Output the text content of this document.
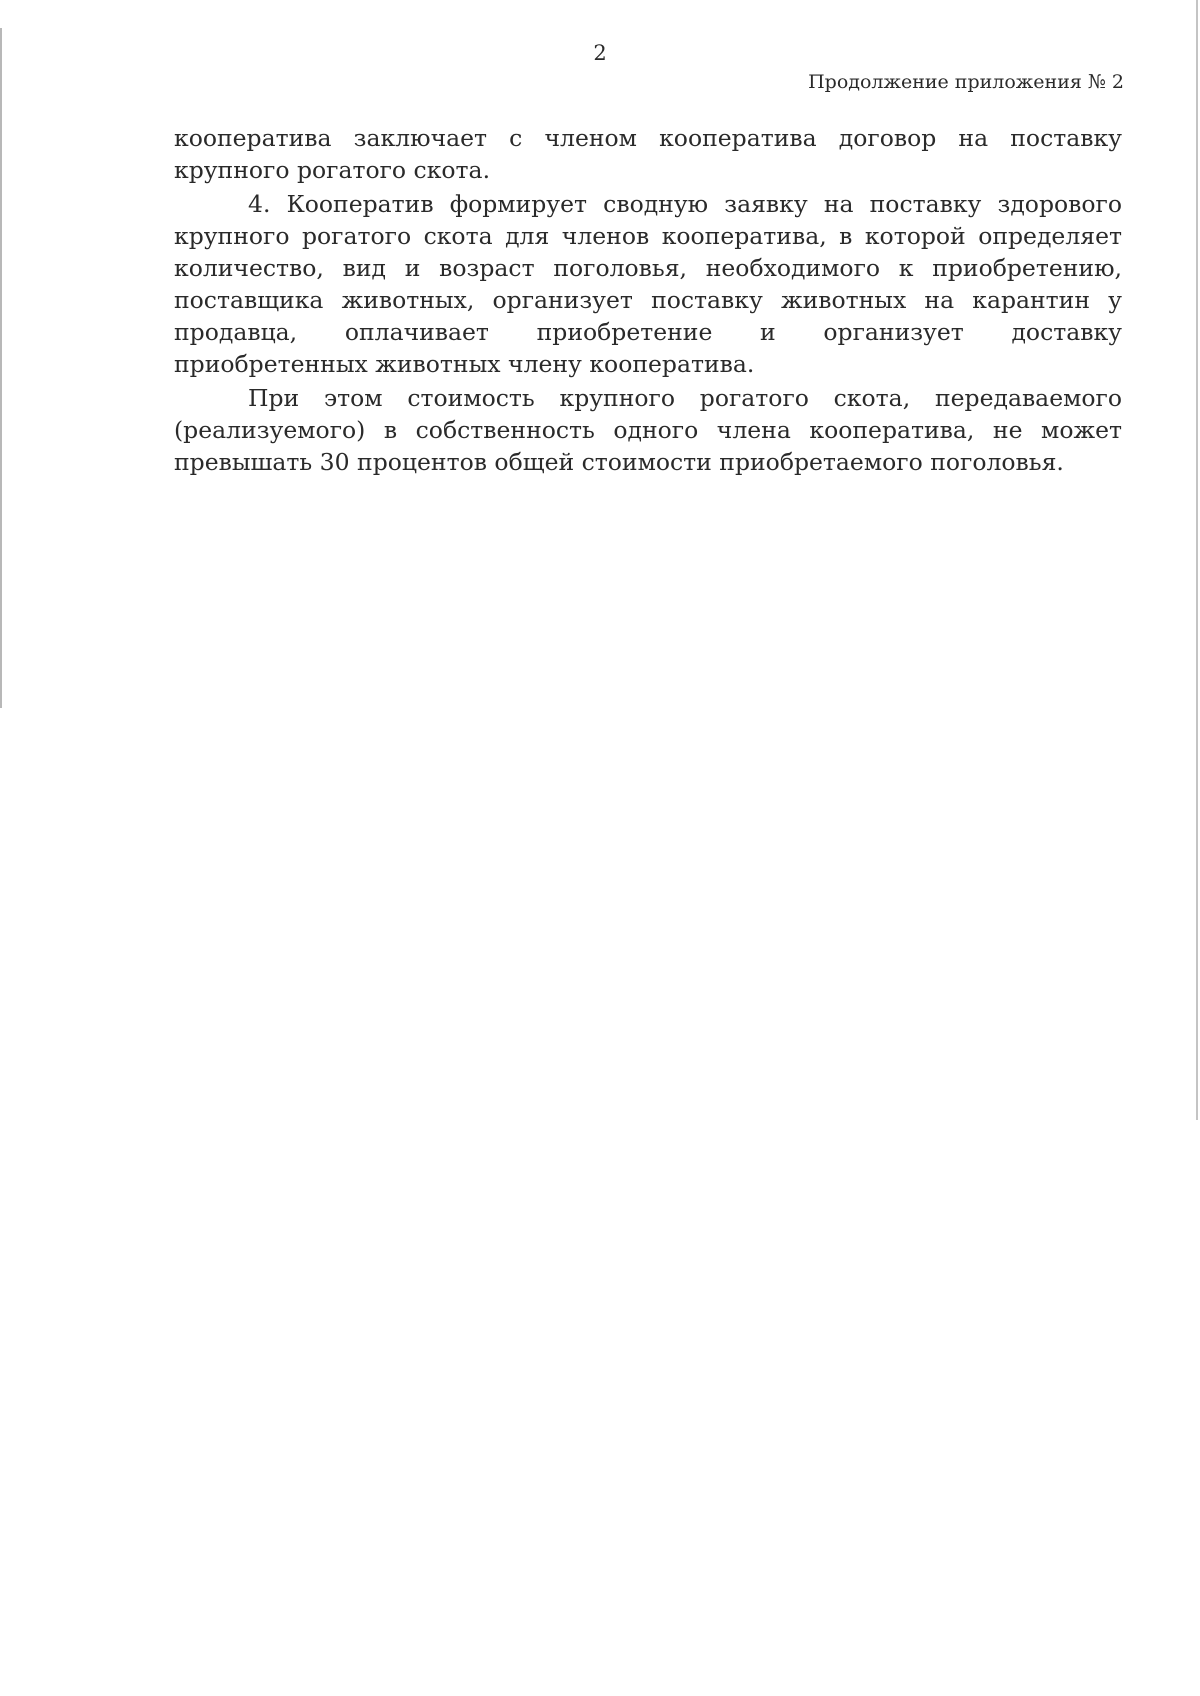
2
Продолжение приложения № 2

кооператива заключает с членом кооператива договор на поставку крупного рогатого скота.

4. Кооператив формирует сводную заявку на поставку здорового крупного рогатого скота для членов кооператива, в которой определяет количество, вид и возраст поголовья, необходимого к приобретению, поставщика животных, организует поставку животных на карантин у продавца, оплачивает приобретение и организует доставку приобретенных животных члену кооператива.

При этом стоимость крупного рогатого скота, передаваемого (реализуемого) в собственность одного члена кооператива, не может превышать 30 процентов общей стоимости приобретаемого поголовья.
